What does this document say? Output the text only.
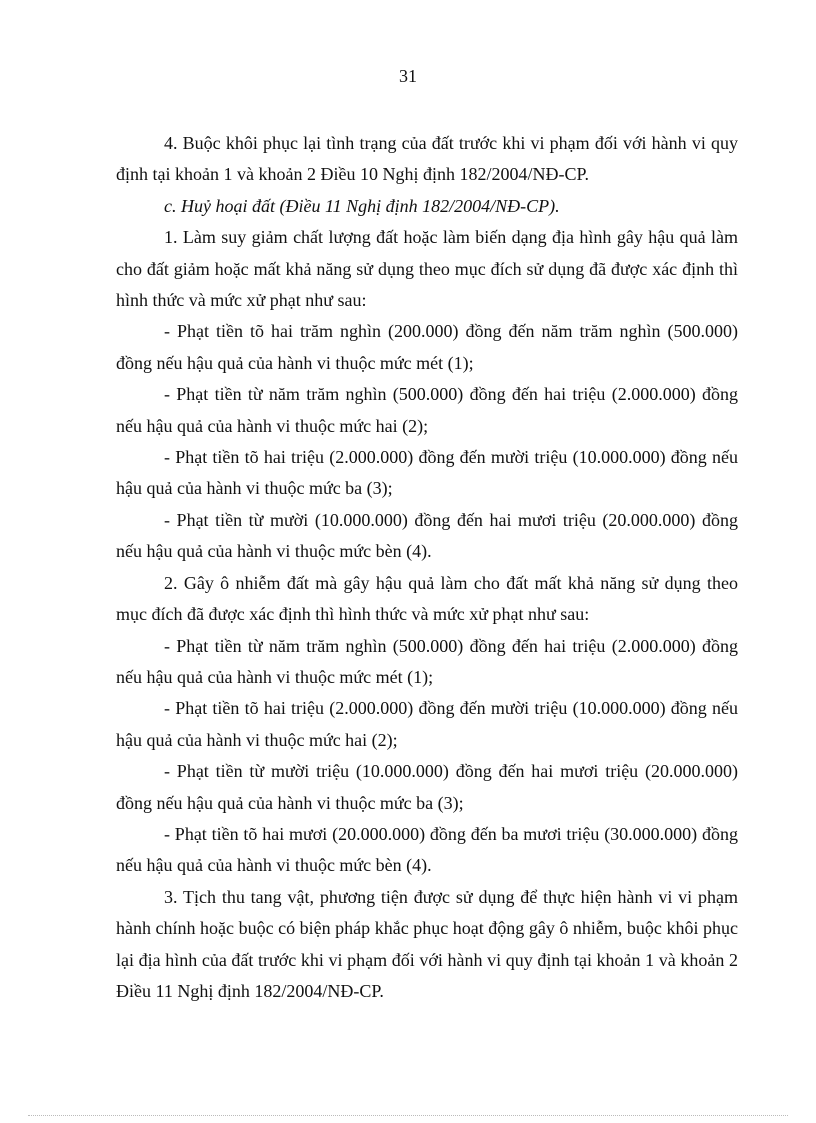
31

4. Buộc khôi phục lại tình trạng của đất trước khi vi phạm đối với hành vi quy định tại khoản 1 và khoản 2 Điều 10 Nghị định 182/2004/NĐ-CP.

c. Huỷ hoại đất (Điều 11 Nghị định 182/2004/NĐ-CP).

1. Làm suy giảm chất lượng đất hoặc làm biến dạng địa hình gây hậu quả làm cho đất giảm hoặc mất khả năng sử dụng theo mục đích sử dụng đã được xác định thì hình thức và mức xử phạt như sau:

- Phạt tiền tõ hai trăm nghìn (200.000) đồng đến năm trăm nghìn (500.000) đồng nếu hậu quả của hành vi thuộc mức mét (1);

- Phạt tiền từ năm trăm nghìn (500.000) đồng đến hai triệu (2.000.000) đồng nếu hậu quả của hành vi thuộc mức hai (2);

- Phạt tiền tõ hai triệu (2.000.000) đồng đến mười triệu (10.000.000) đồng nếu hậu quả của hành vi thuộc mức ba (3);

- Phạt tiền từ mười (10.000.000) đồng đến hai mươi triệu (20.000.000) đồng nếu hậu quả của hành vi thuộc mức bèn (4).

2. Gây ô nhiễm đất mà gây hậu quả làm cho đất mất khả năng sử dụng theo mục đích đã được xác định thì hình thức và mức xử phạt như sau:

- Phạt tiền từ năm trăm nghìn (500.000) đồng đến hai triệu (2.000.000) đồng nếu hậu quả của hành vi thuộc mức mét (1);

- Phạt tiền tõ hai triệu (2.000.000) đồng đến mười triệu (10.000.000) đồng nếu hậu quả của hành vi thuộc mức hai (2);

- Phạt tiền từ mười triệu (10.000.000) đồng đến hai mươi triệu (20.000.000) đồng nếu hậu quả của hành vi thuộc mức ba (3);

- Phạt tiền tõ hai mươi (20.000.000) đồng đến ba mươi triệu (30.000.000) đồng nếu hậu quả của hành vi thuộc mức bèn (4).

3. Tịch thu tang vật, phương tiện được sử dụng để thực hiện hành vi vi phạm hành chính hoặc buộc có biện pháp khắc phục hoạt động gây ô nhiễm, buộc khôi phục lại địa hình của đất trước khi vi phạm đối với hành vi quy định tại khoản 1 và khoản 2 Điều 11 Nghị định 182/2004/NĐ-CP.
